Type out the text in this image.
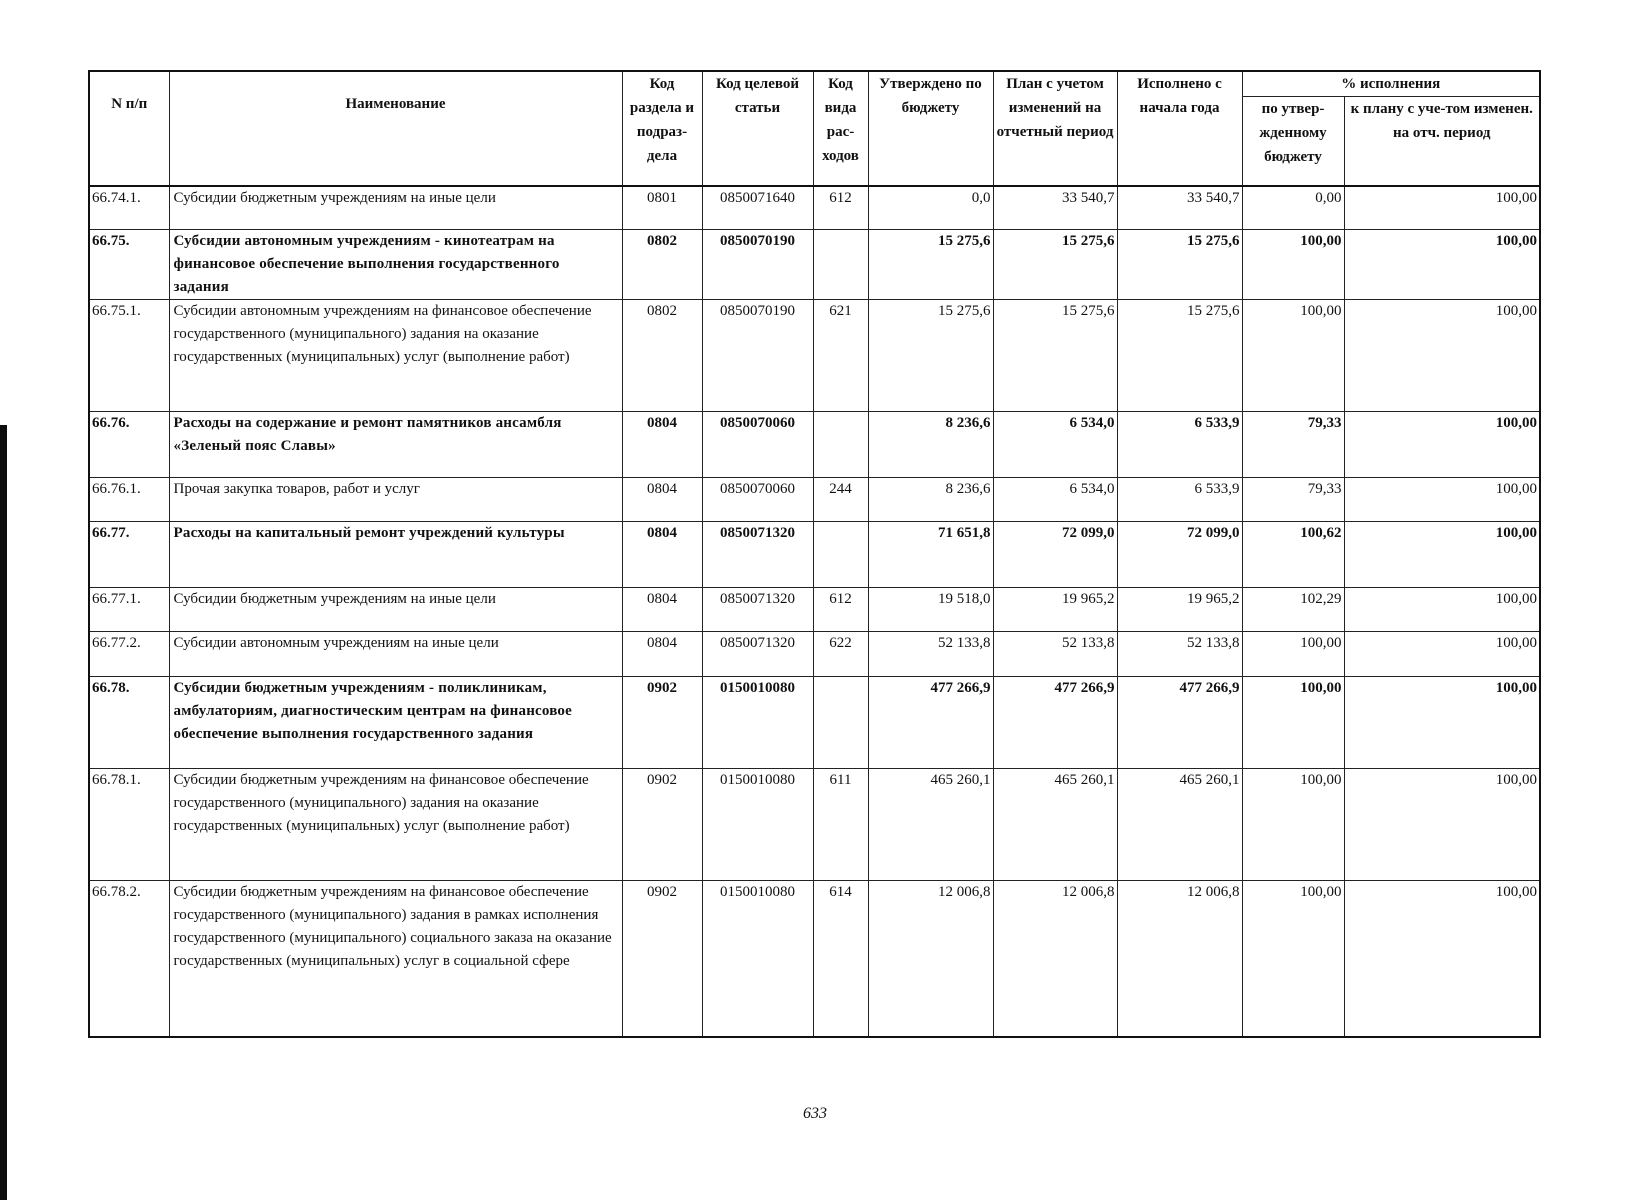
N п/п	Наименование	Код раздела и подраз-дела	Код целевой статьи	Код вида рас-ходов	Утверждено по бюджету	План с учетом изменений на отчетный период	Исполнено с начала года	% исполнения	
								по утвер-жденному бюджету	к плану с уче-том изменен. на отч. период
66.74.1.	Субсидии бюджетным учреждениям на иные цели	0801	0850071640	612	0,0	33 540,7	33 540,7	0,00	100,00
66.75.	Субсидии автономным учреждениям - кинотеатрам на финансовое обеспечение выполнения государственного задания	0802	0850070190		15 275,6	15 275,6	15 275,6	100,00	100,00
66.75.1.	Субсидии автономным учреждениям на финансовое обеспечение государственного (муниципального) задания на оказание государственных (муниципальных) услуг (выполнение работ)	0802	0850070190	621	15 275,6	15 275,6	15 275,6	100,00	100,00
66.76.	Расходы на содержание и ремонт памятников ансамбля «Зеленый пояс Славы»	0804	0850070060		8 236,6	6 534,0	6 533,9	79,33	100,00
66.76.1.	Прочая закупка товаров, работ и услуг	0804	0850070060	244	8 236,6	6 534,0	6 533,9	79,33	100,00
66.77.	Расходы на капитальный ремонт учреждений культуры	0804	0850071320		71 651,8	72 099,0	72 099,0	100,62	100,00
66.77.1.	Субсидии бюджетным учреждениям на иные цели	0804	0850071320	612	19 518,0	19 965,2	19 965,2	102,29	100,00
66.77.2.	Субсидии автономным учреждениям на иные цели	0804	0850071320	622	52 133,8	52 133,8	52 133,8	100,00	100,00
66.78.	Субсидии бюджетным учреждениям - поликлиникам, амбулаториям, диагностическим центрам на финансовое обеспечение выполнения государственного задания	0902	0150010080		477 266,9	477 266,9	477 266,9	100,00	100,00
66.78.1.	Субсидии бюджетным учреждениям на финансовое обеспечение государственного (муниципального) задания на оказание государственных (муниципальных) услуг (выполнение работ)	0902	0150010080	611	465 260,1	465 260,1	465 260,1	100,00	100,00
66.78.2.	Субсидии бюджетным учреждениям на финансовое обеспечение государственного (муниципального) задания в рамках исполнения государственного (муниципального) социального заказа на оказание государственных (муниципальных) услуг в социальной сфере	0902	0150010080	614	12 006,8	12 006,8	12 006,8	100,00	100,00
633
